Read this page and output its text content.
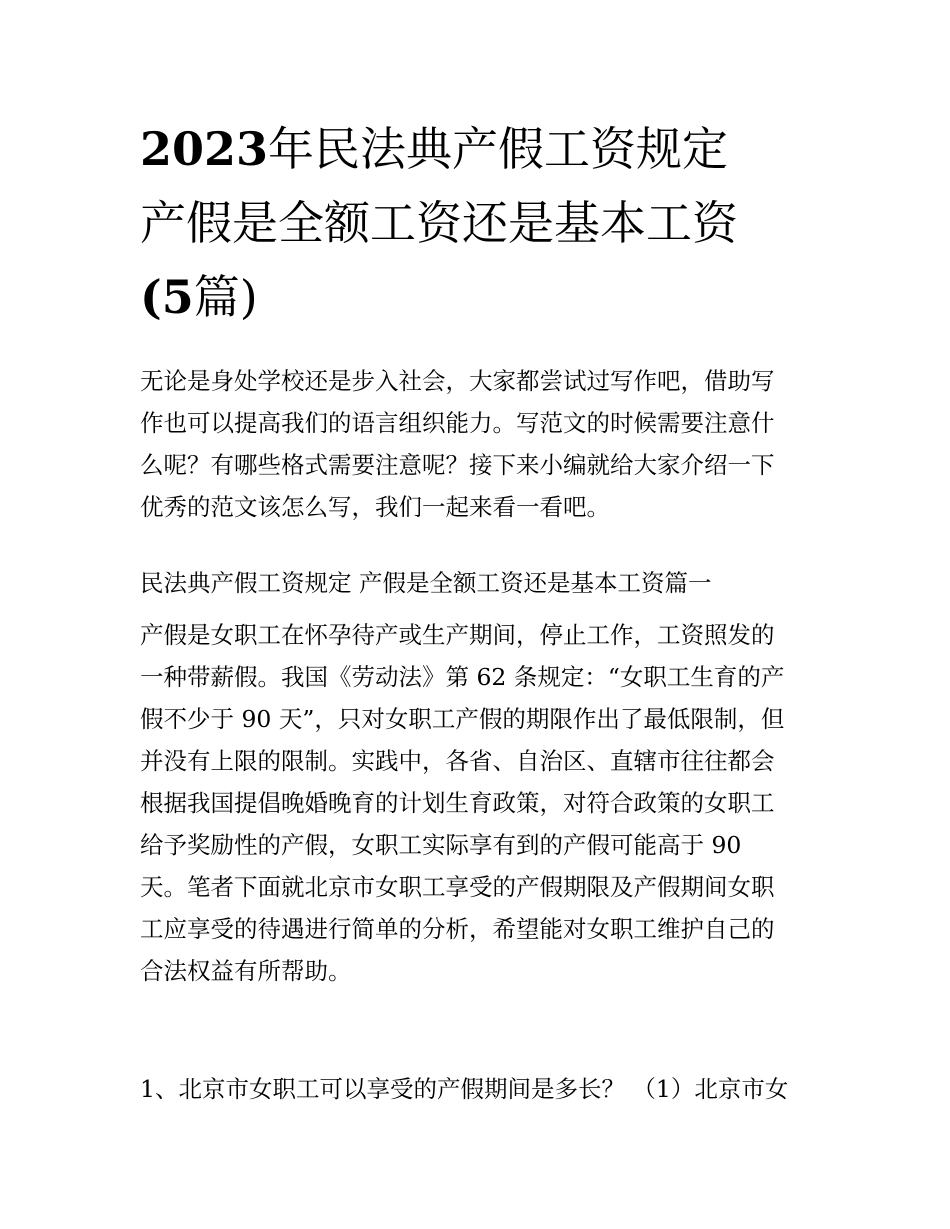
2023年民法典产假工资规定
产假是全额工资还是基本工资
(5篇)
无论是身处学校还是步入社会，大家都尝试过写作吧，借助写
作也可以提高我们的语言组织能力。写范文的时候需要注意什
么呢？有哪些格式需要注意呢？接下来小编就给大家介绍一下
优秀的范文该怎么写，我们一起来看一看吧。
民法典产假工资规定 产假是全额工资还是基本工资篇一
产假是女职工在怀孕待产或生产期间，停止工作，工资照发的
一种带薪假。我国《劳动法》第 62 条规定：“女职工生育的产
假不少于 90 天”，只对女职工产假的期限作出了最低限制，但
并没有上限的限制。实践中，各省、自治区、直辖市往往都会
根据我国提倡晚婚晚育的计划生育政策，对符合政策的女职工
给予奖励性的产假，女职工实际享有到的产假可能高于 90
天。笔者下面就北京市女职工享受的产假期限及产假期间女职
工应享受的待遇进行简单的分析，希望能对女职工维护自己的
合法权益有所帮助。
1、北京市女职工可以享受的产假期间是多长？ （1）北京市女
